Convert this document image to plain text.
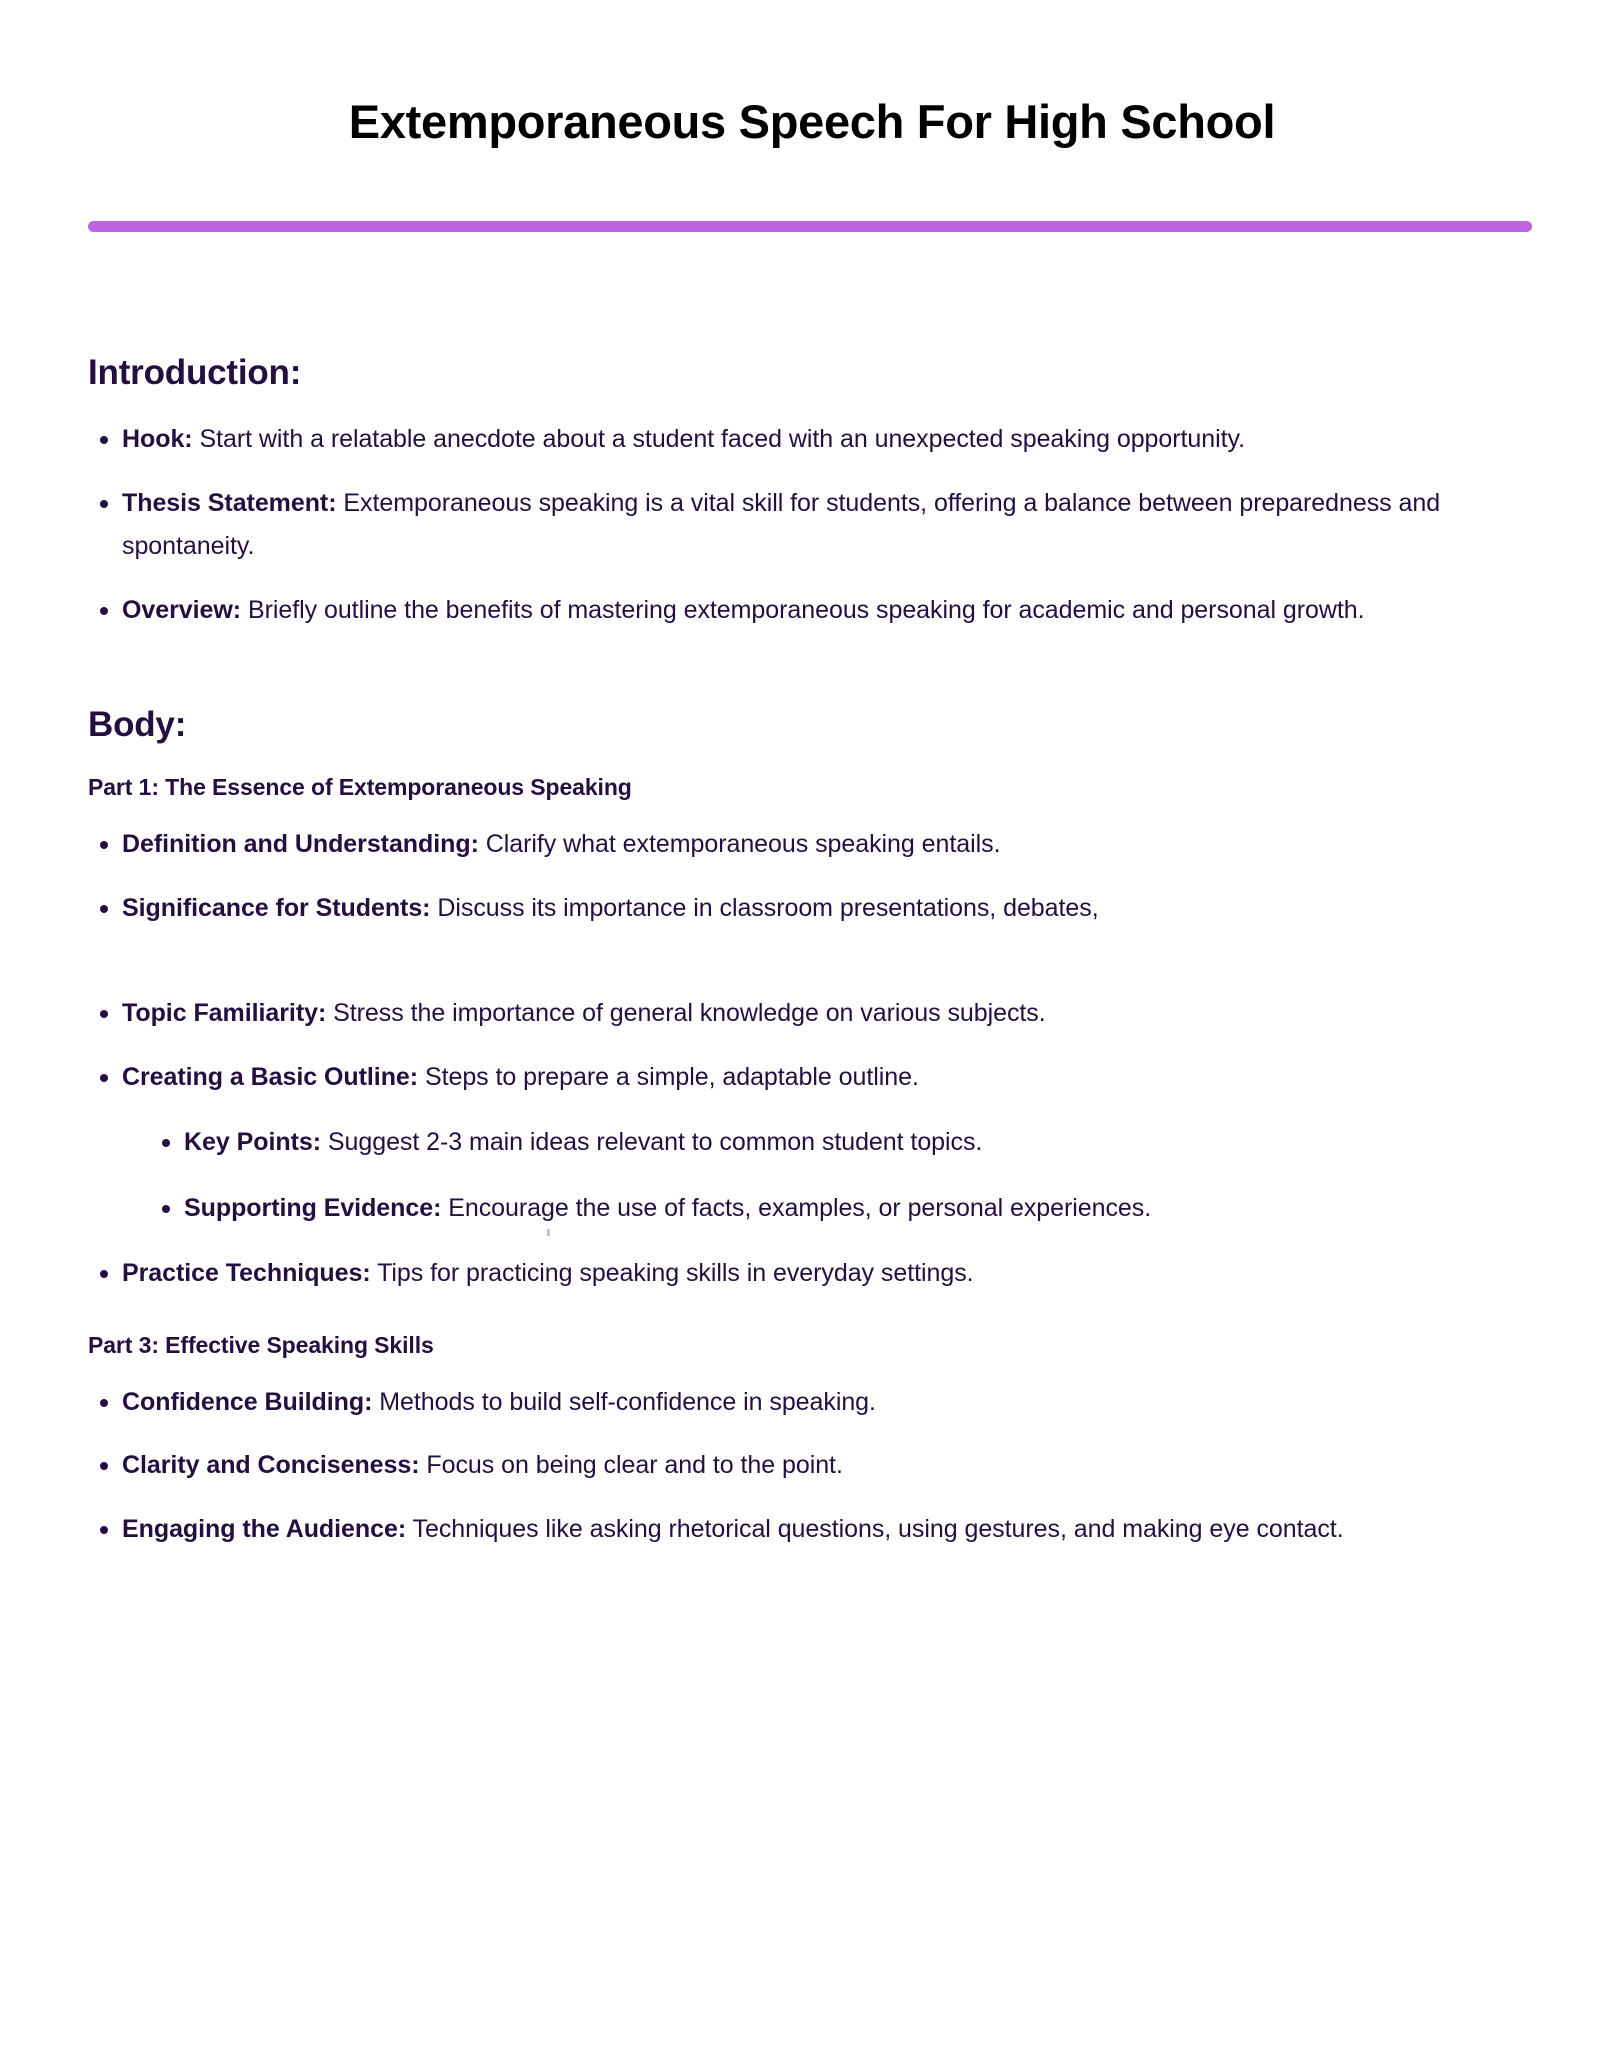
Extemporaneous Speech For High School
Introduction:
Hook: Start with a relatable anecdote about a student faced with an unexpected speaking opportunity.
Thesis Statement: Extemporaneous speaking is a vital skill for students, offering a balance between preparedness and spontaneity.
Overview: Briefly outline the benefits of mastering extemporaneous speaking for academic and personal growth.
Body:
Part 1: The Essence of Extemporaneous Speaking
Definition and Understanding: Clarify what extemporaneous speaking entails.
Significance for Students: Discuss its importance in classroom presentations, debates,
Topic Familiarity: Stress the importance of general knowledge on various subjects.
Creating a Basic Outline: Steps to prepare a simple, adaptable outline.
Key Points: Suggest 2-3 main ideas relevant to common student topics.
Supporting Evidence: Encourage the use of facts, examples, or personal experiences.
Practice Techniques: Tips for practicing speaking skills in everyday settings.
Part 3: Effective Speaking Skills
Confidence Building: Methods to build self-confidence in speaking.
Clarity and Conciseness: Focus on being clear and to the point.
Engaging the Audience: Techniques like asking rhetorical questions, using gestures, and making eye contact.
